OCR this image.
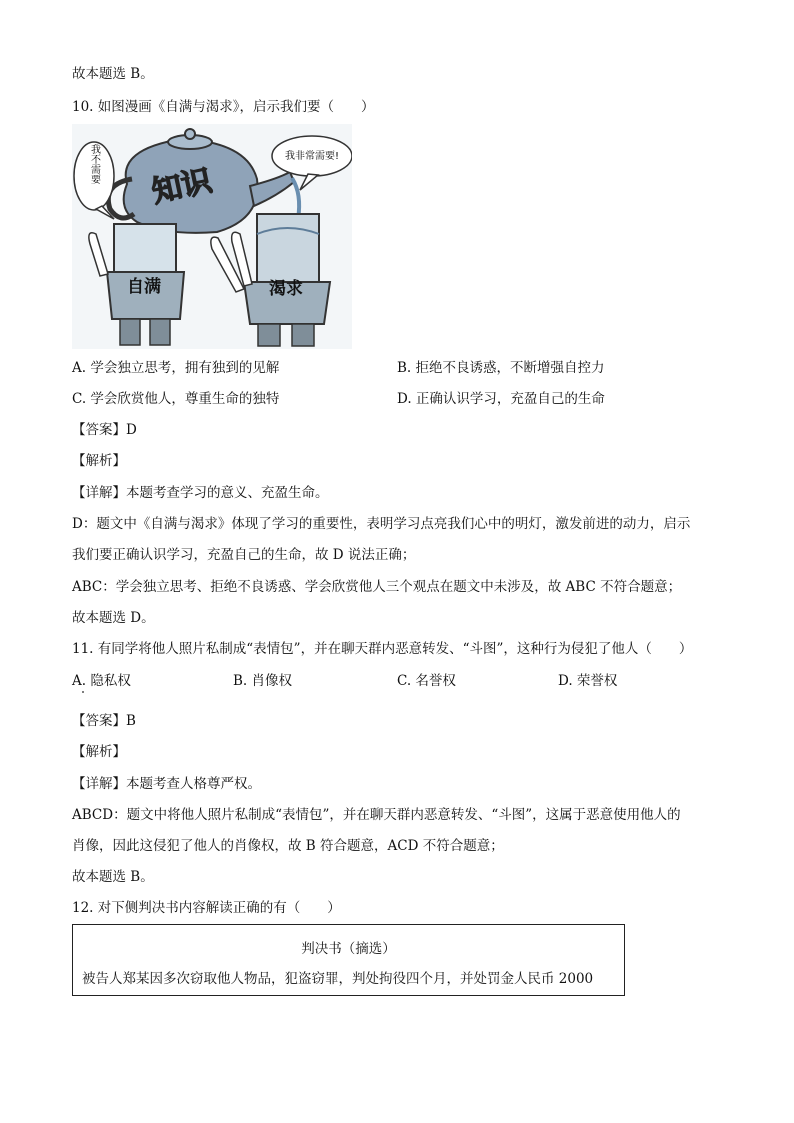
故本题选 B。
10. 如图漫画《自满与渴求》，启示我们要（　　）
知识
我不需要	我非常需要!
自满	渴求
A. 学会独立思考，拥有独到的见解	B. 拒绝不良诱惑，不断增强自控力
C. 学会欣赏他人，尊重生命的独特	D. 正确认识学习，充盈自己的生命
【答案】D
【解析】
【详解】本题考查学习的意义、充盈生命。
D：题文中《自满与渴求》体现了学习的重要性，表明学习点亮我们心中的明灯，激发前进的动力，启示
我们要正确认识学习，充盈自己的生命，故 D 说法正确；
ABC：学会独立思考、拒绝不良诱惑、学会欣赏他人三个观点在题文中未涉及，故 ABC 不符合题意；
故本题选 D。
11. 有同学将他人照片私制成“表情包”，并在聊天群内恶意转发、“斗图”，这种行为侵犯了他人（　　）
A. 隐私权	B. 肖像权	C. 名誉权	D. 荣誉权
【答案】B
【解析】
【详解】本题考查人格尊严权。
ABCD：题文中将他人照片私制成“表情包”，并在聊天群内恶意转发、“斗图”，这属于恶意使用他人的
肖像，因此这侵犯了他人的肖像权，故 B 符合题意，ACD 不符合题意；
故本题选 B。
12. 对下侧判决书内容解读正确的有（　　）
判决书（摘选）
被告人郑某因多次窃取他人物品，犯盗窃罪，判处拘役四个月，并处罚金人民币 2000
